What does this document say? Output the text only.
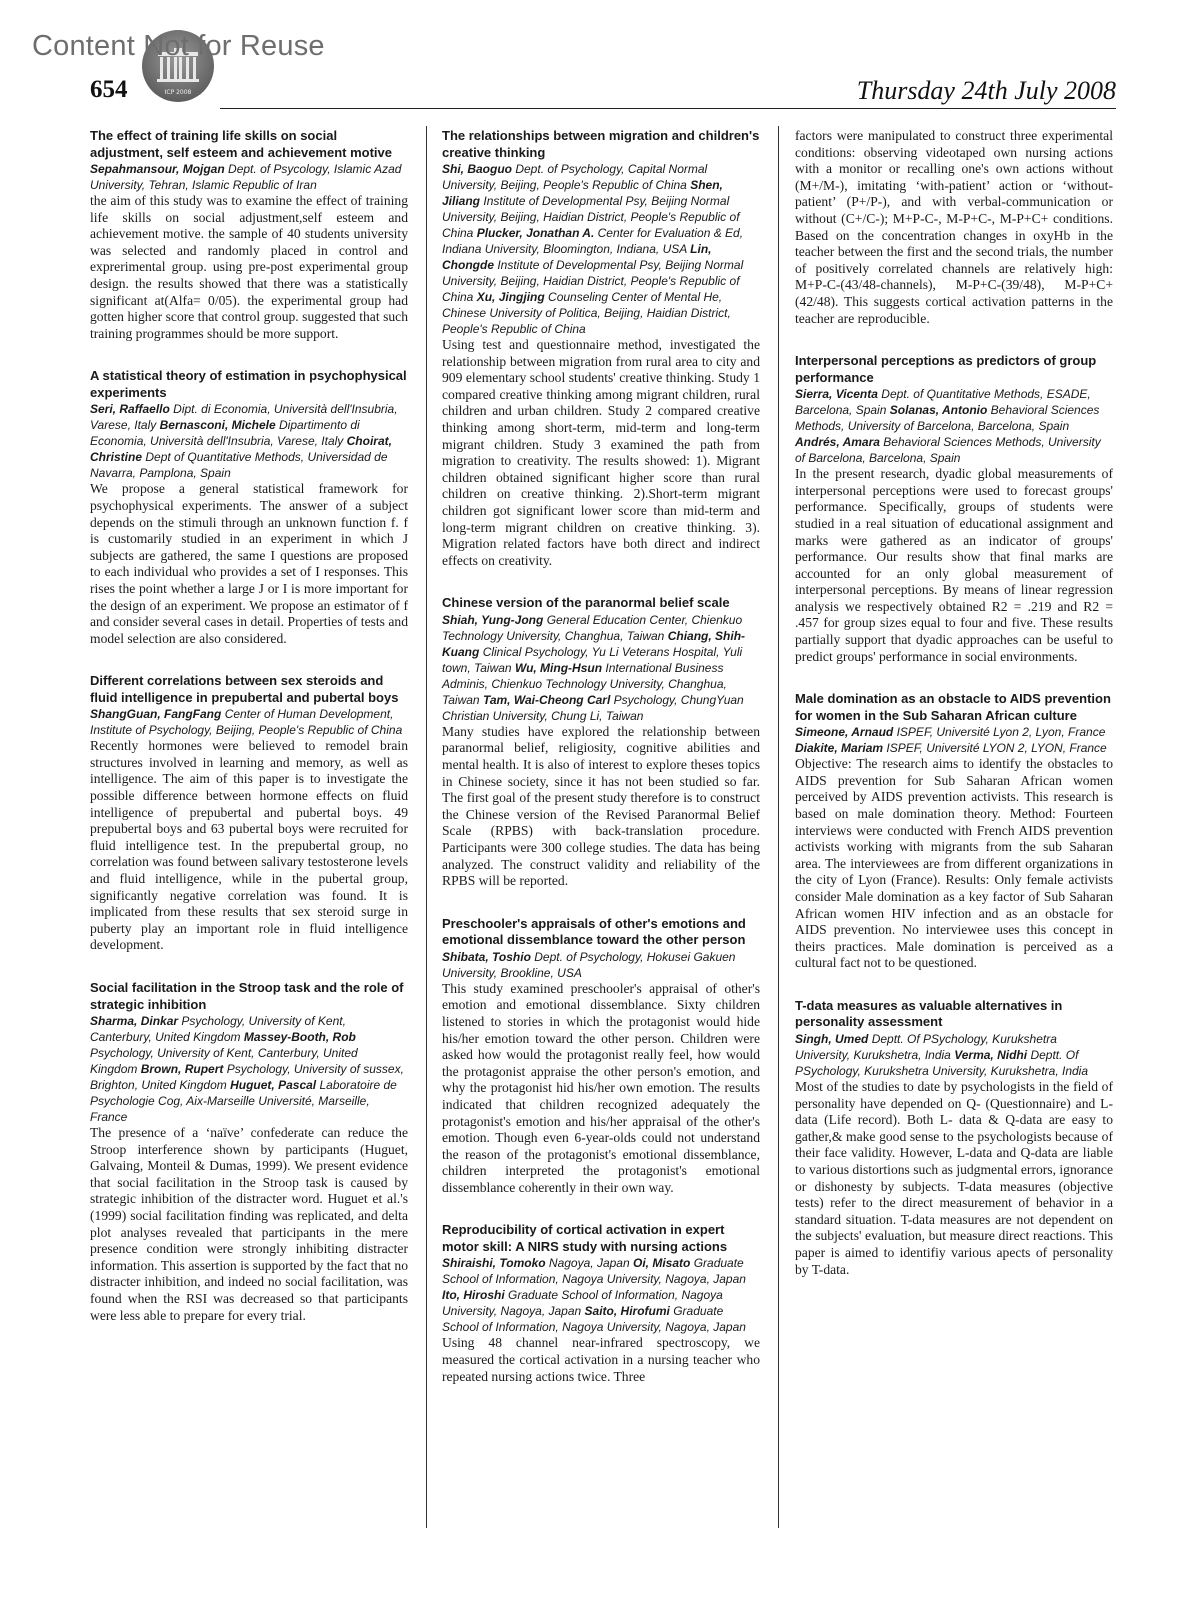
Content Not for Reuse
654	ICP 2008	Thursday 24th July 2008

The effect of training life skills on social adjustment, self esteem and achievement motive

Sepahmansour, Mojgan Dept. of Psycology, Islamic Azad University, Tehran, Islamic Republic of Iran

the aim of this study was to examine the effect of training life skills on social adjustment,self esteem and achievement motive. the sample of 40 students university was selected and randomly placed in control and exprerimental group. using pre-post experimental group design. the results showed that there was a statistically significant at(Alfa= 0/05). the experimental group had gotten higher score that control group. suggested that such training programmes should be more support.

A statistical theory of estimation in psychophysical experiments

Seri, Raffaello Dipt. di Economia, Università dell'Insubria, Varese, Italy Bernasconi, Michele Dipartimento di Economia, Università dell'Insubria, Varese, Italy Choirat, Christine Dept of Quantitative Methods, Universidad de Navarra, Pamplona, Spain

We propose a general statistical framework for psychophysical experiments. The answer of a subject depends on the stimuli through an unknown function f. f is customarily studied in an experiment in which J subjects are gathered, the same I questions are proposed to each individual who provides a set of I responses. This rises the point whether a large J or I is more important for the design of an experiment. We propose an estimator of f and consider several cases in detail. Properties of tests and model selection are also considered.

Different correlations between sex steroids and fluid intelligence in prepubertal and pubertal boys

ShangGuan, FangFang Center of Human Development, Institute of Psychology, Beijing, People's Republic of China

Recently hormones were believed to remodel brain structures involved in learning and memory, as well as intelligence. The aim of this paper is to investigate the possible difference between hormone effects on fluid intelligence of prepubertal and pubertal boys. 49 prepubertal boys and 63 pubertal boys were recruited for fluid intelligence test. In the prepubertal group, no correlation was found between salivary testosterone levels and fluid intelligence, while in the pubertal group, significantly negative correlation was found. It is implicated from these results that sex steroid surge in puberty play an important role in fluid intelligence development.

Social facilitation in the Stroop task and the role of strategic inhibition

Sharma, Dinkar Psychology, University of Kent, Canterbury, United Kingdom Massey-Booth, Rob Psychology, University of Kent, Canterbury, United Kingdom Brown, Rupert Psychology, University of sussex, Brighton, United Kingdom Huguet, Pascal Laboratoire de Psychologie Cog, Aix-Marseille Université, Marseille, France

The presence of a ‘naïve’ confederate can reduce the Stroop interference shown by participants (Huguet, Galvaing, Monteil & Dumas, 1999). We present evidence that social facilitation in the Stroop task is caused by strategic inhibition of the distracter word. Huguet et al.'s (1999) social facilitation finding was replicated, and delta plot analyses revealed that participants in the mere presence condition were strongly inhibiting distracter information. This assertion is supported by the fact that no distracter inhibition, and indeed no social facilitation, was found when the RSI was decreased so that participants were less able to prepare for every trial.

The relationships between migration and children's creative thinking

Shi, Baoguo Dept. of Psychology, Capital Normal University, Beijing, People's Republic of China Shen, Jiliang Institute of Developmental Psy, Beijing Normal University, Beijing, Haidian District, People's Republic of China Plucker, Jonathan A. Center for Evaluation & Ed, Indiana University, Bloomington, Indiana, USA Lin, Chongde Institute of Developmental Psy, Beijing Normal University, Beijing, Haidian District, People's Republic of China Xu, Jingjing Counseling Center of Mental He, Chinese University of Politica, Beijing, Haidian District, People's Republic of China

Using test and questionnaire method, investigated the relationship between migration from rural area to city and 909 elementary school students' creative thinking. Study 1 compared creative thinking among migrant children, rural children and urban children. Study 2 compared creative thinking among short-term, mid-term and long-term migrant children. Study 3 examined the path from migration to creativity. The results showed: 1). Migrant children obtained significant higher score than rural children on creative thinking. 2).Short-term migrant children got significant lower score than mid-term and long-term migrant children on creative thinking. 3). Migration related factors have both direct and indirect effects on creativity.

Chinese version of the paranormal belief scale

Shiah, Yung-Jong General Education Center, Chienkuo Technology University, Changhua, Taiwan Chiang, Shih-Kuang Clinical Psychology, Yu Li Veterans Hospital, Yuli town, Taiwan Wu, Ming-Hsun International Business Adminis, Chienkuo Technology University, Changhua, Taiwan Tam, Wai-Cheong Carl Psychology, ChungYuan Christian University, Chung Li, Taiwan

Many studies have explored the relationship between paranormal belief, religiosity, cognitive abilities and mental health. It is also of interest to explore theses topics in Chinese society, since it has not been studied so far. The first goal of the present study therefore is to construct the Chinese version of the Revised Paranormal Belief Scale (RPBS) with back-translation procedure. Participants were 300 college studies. The data has being analyzed. The construct validity and reliability of the RPBS will be reported.

Preschooler's appraisals of other's emotions and emotional dissemblance toward the other person

Shibata, Toshio Dept. of Psychology, Hokusei Gakuen University, Brookline, USA

This study examined preschooler's appraisal of other's emotion and emotional dissemblance. Sixty children listened to stories in which the protagonist would hide his/her emotion toward the other person. Children were asked how would the protagonist really feel, how would the protagonist appraise the other person's emotion, and why the protagonist hid his/her own emotion. The results indicated that children recognized adequately the protagonist's emotion and his/her appraisal of the other's emotion. Though even 6-year-olds could not understand the reason of the protagonist's emotional dissemblance, children interpreted the protagonist's emotional dissemblance coherently in their own way.

Reproducibility of cortical activation in expert motor skill: A NIRS study with nursing actions

Shiraishi, Tomoko Nagoya, Japan Oi, Misato Graduate School of Information, Nagoya University, Nagoya, Japan Ito, Hiroshi Graduate School of Information, Nagoya University, Nagoya, Japan Saito, Hirofumi Graduate School of Information, Nagoya University, Nagoya, Japan

Using 48 channel near-infrared spectroscopy, we measured the cortical activation in a nursing teacher who repeated nursing actions twice. Three

factors were manipulated to construct three experimental conditions: observing videotaped own nursing actions with a monitor or recalling one's own actions without (M+/M-), imitating ‘with-patient’ action or ‘without-patient’ (P+/P-), and with verbal-communication or without (C+/C-); M+P-C-, M-P+C-, M-P+C+ conditions. Based on the concentration changes in oxyHb in the teacher between the first and the second trials, the number of positively correlated channels are relatively high: M+P-C-(43/48-channels), M-P+C-(39/48), M-P+C+(42/48). This suggests cortical activation patterns in the teacher are reproducible.

Interpersonal perceptions as predictors of group performance

Sierra, Vicenta Dept. of Quantitative Methods, ESADE, Barcelona, Spain Solanas, Antonio Behavioral Sciences Methods, University of Barcelona, Barcelona, Spain Andrés, Amara Behavioral Sciences Methods, University of Barcelona, Barcelona, Spain

In the present research, dyadic global measurements of interpersonal perceptions were used to forecast groups' performance. Specifically, groups of students were studied in a real situation of educational assignment and marks were gathered as an indicator of groups' performance. Our results show that final marks are accounted for an only global measurement of interpersonal perceptions. By means of linear regression analysis we respectively obtained R2 = .219 and R2 = .457 for group sizes equal to four and five. These results partially support that dyadic approaches can be useful to predict groups' performance in social environments.

Male domination as an obstacle to AIDS prevention for women in the Sub Saharan African culture

Simeone, Arnaud ISPEF, Université Lyon 2, Lyon, France Diakite, Mariam ISPEF, Université LYON 2, LYON, France

Objective: The research aims to identify the obstacles to AIDS prevention for Sub Saharan African women perceived by AIDS prevention activists. This research is based on male domination theory. Method: Fourteen interviews were conducted with French AIDS prevention activists working with migrants from the sub Saharan area. The interviewees are from different organizations in the city of Lyon (France). Results: Only female activists consider Male domination as a key factor of Sub Saharan African women HIV infection and as an obstacle for AIDS prevention. No interviewee uses this concept in theirs practices. Male domination is perceived as a cultural fact not to be questioned.

T-data measures as valuable alternatives in personality assessment

Singh, Umed Deptt. Of PSychology, Kurukshetra University, Kurukshetra, India Verma, Nidhi Deptt. Of PSychology, Kurukshetra University, Kurukshetra, India

Most of the studies to date by psychologists in the field of personality have depended on Q- (Questionnaire) and L-data (Life record). Both L- data & Q-data are easy to gather,& make good sense to the psychologists because of their face validity. However, L-data and Q-data are liable to various distortions such as judgmental errors, ignorance or dishonesty by subjects. T-data measures (objective tests) refer to the direct measurement of behavior in a standard situation. T-data measures are not dependent on the subjects' evaluation, but measure direct reactions. This paper is aimed to identifiy various apects of personality by T-data.
